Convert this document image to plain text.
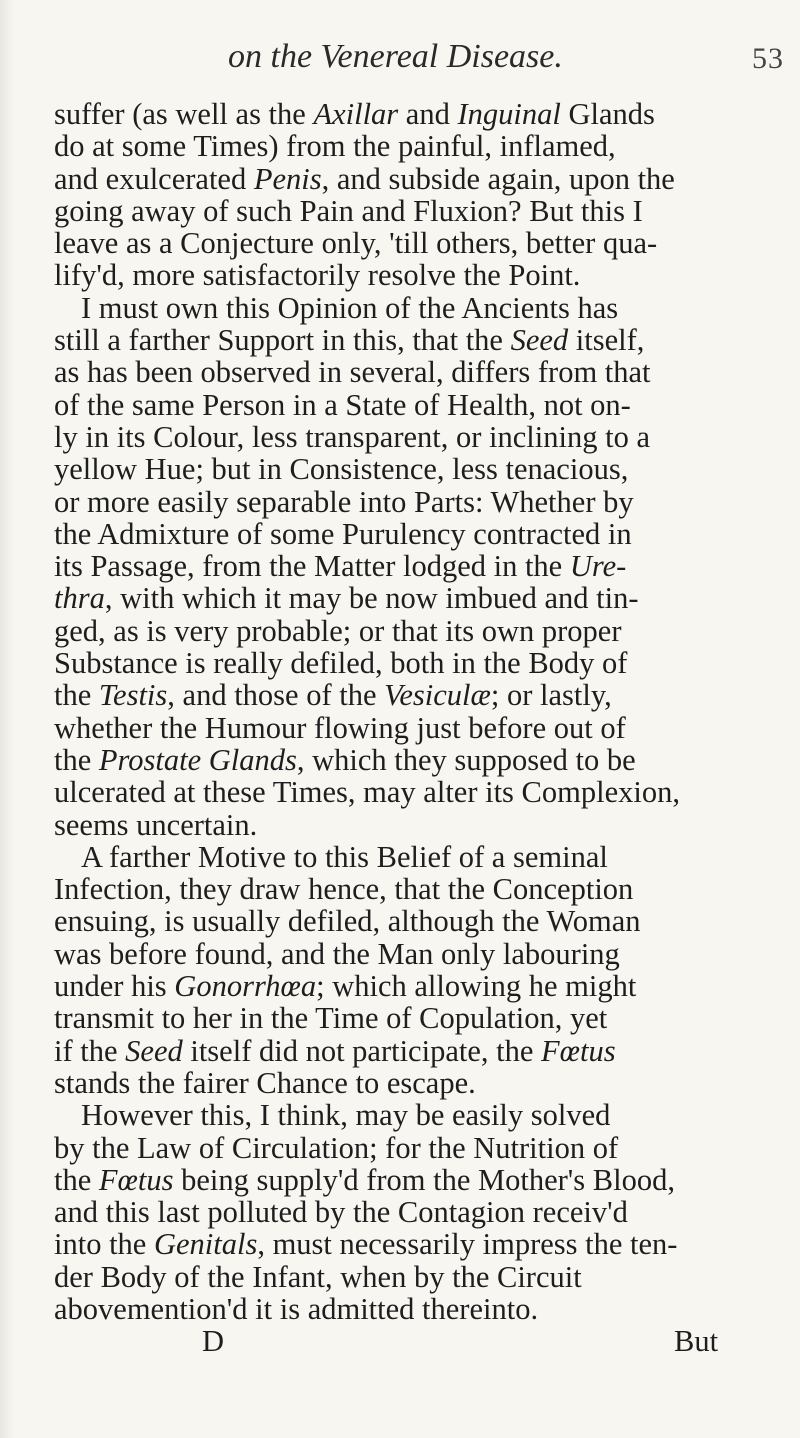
on the Venereal Disease.	53
suffer (as well as the Axillar and Inguinal Glands
do at some Times) from the painful, inflamed,
and exulcerated Penis, and subside again, upon the
going away of such Pain and Fluxion? But this I
leave as a Conjecture only, 'till others, better qua-
lify'd, more satisfactorily resolve the Point.
I must own this Opinion of the Ancients has
still a farther Support in this, that the Seed itself,
as has been observed in several, differs from that
of the same Person in a State of Health, not on-
ly in its Colour, less transparent, or inclining to a
yellow Hue; but in Consistence, less tenacious,
or more easily separable into Parts: Whether by
the Admixture of some Purulency contracted in
its Passage, from the Matter lodged in the Ure-
thra, with which it may be now imbued and tin-
ged, as is very probable; or that its own proper
Substance is really defiled, both in the Body of
the Testis, and those of the Vesiculæ; or lastly,
whether the Humour flowing just before out of
the Prostate Glands, which they supposed to be
ulcerated at these Times, may alter its Complexion,
seems uncertain.
A farther Motive to this Belief of a seminal
Infection, they draw hence, that the Conception
ensuing, is usually defiled, although the Woman
was before found, and the Man only labouring
under his Gonorrhœa; which allowing he might
transmit to her in the Time of Copulation, yet
if the Seed itself did not participate, the Fœtus
stands the fairer Chance to escape.
However this, I think, may be easily solved
by the Law of Circulation; for the Nutrition of
the Fœtus being supply'd from the Mother's Blood,
and this last polluted by the Contagion receiv'd
into the Genitals, must necessarily impress the ten-
der Body of the Infant, when by the Circuit
abovemention'd it is admitted thereinto.
D	But
